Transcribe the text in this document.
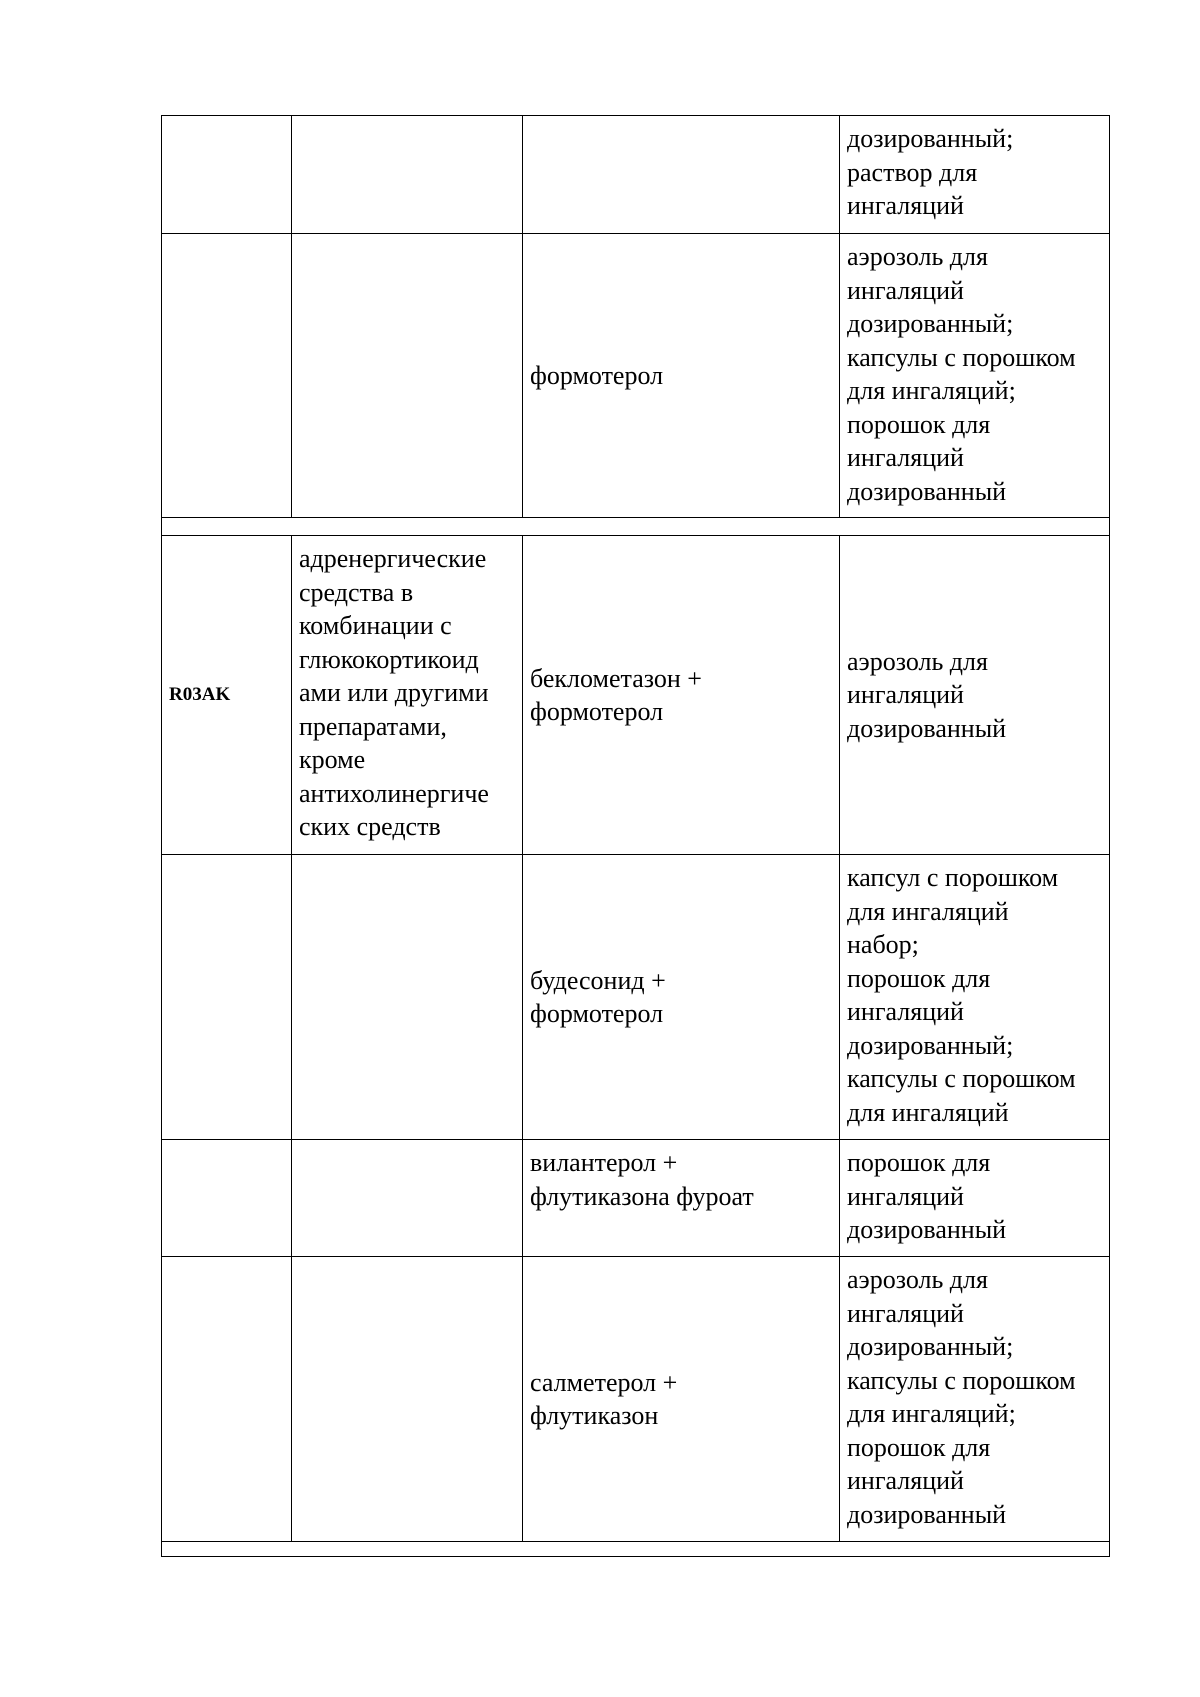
дозированный;
раствор для
ингаляций
формотерол
аэрозоль для
ингаляций
дозированный;
капсулы с порошком
для ингаляций;
порошок для
ингаляций
дозированный
R03AK
адренергические
средства в
комбинации с
глюкокортикоид
ами или другими
препаратами,
кроме
антихолинергиче
ских средств
беклометазон +
формотерол
аэрозоль для
ингаляций
дозированный
будесонид +
формотерол
капсул с порошком
для ингаляций
набор;
порошок для
ингаляций
дозированный;
капсулы с порошком
для ингаляций
вилантерол +
флутиказона фуроат
порошок для
ингаляций
дозированный
салметерол +
флутиказон
аэрозоль для
ингаляций
дозированный;
капсулы с порошком
для ингаляций;
порошок для
ингаляций
дозированный
